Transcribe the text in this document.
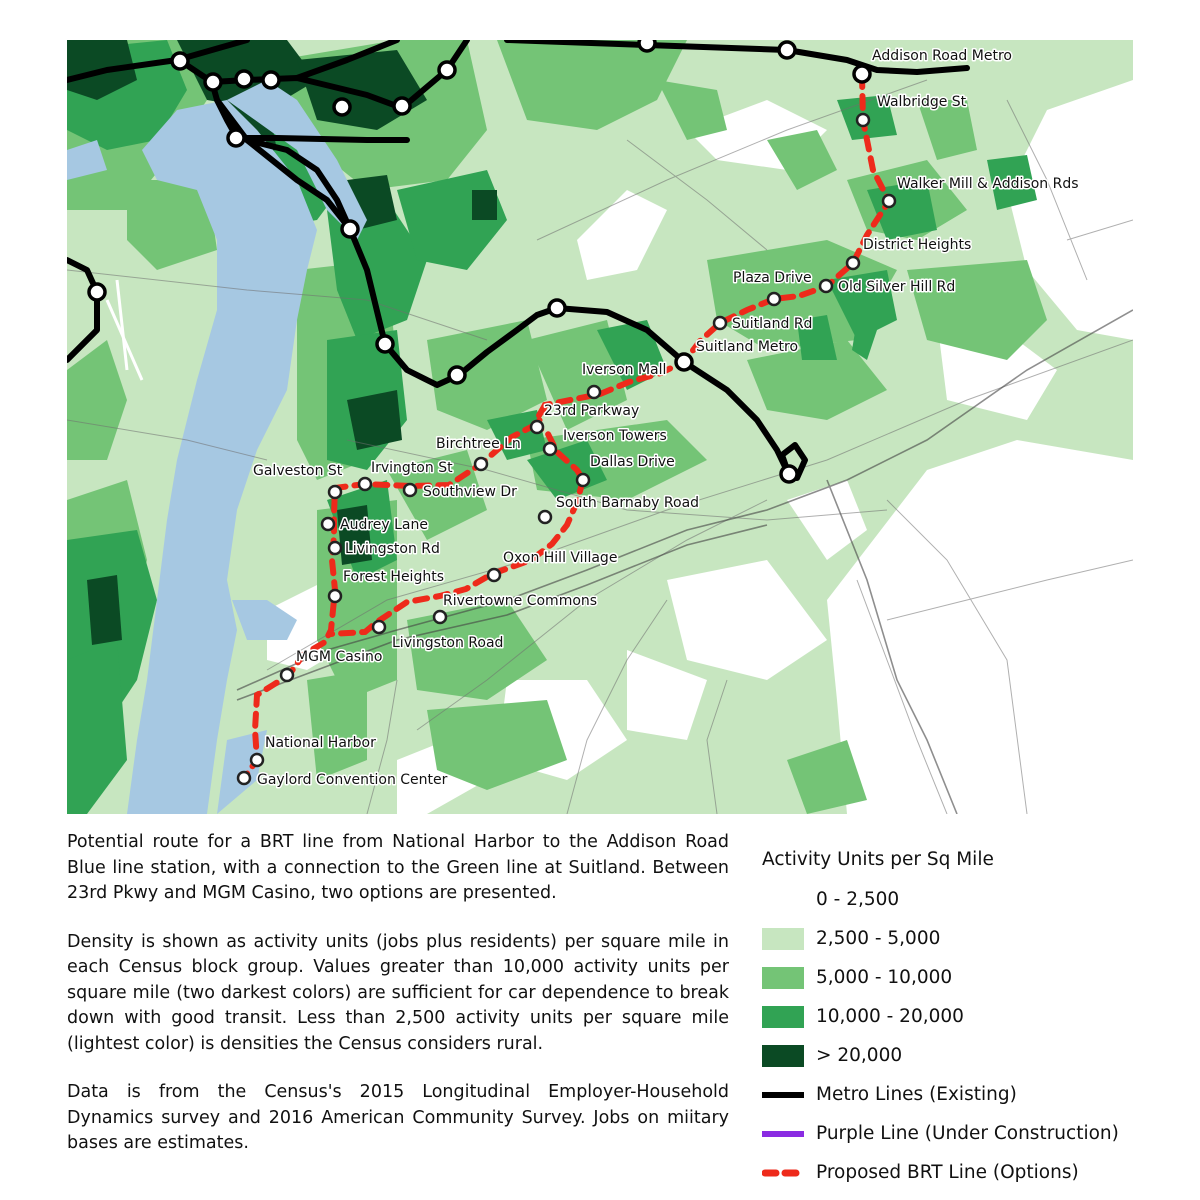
Addison Road Metro
Walbridge St
Walker Mill & Addison Rds
District Heights
Plaza Drive
Old Silver Hill Rd
Suitland Rd
Suitland Metro
Iverson Mall
23rd Parkway
Iverson Towers
Birchtree Ln
Dallas Drive
Irvington St
Galveston St
Southview Dr
South Barnaby Road
Audrey Lane
Livingston Rd
Oxon Hill Village
Forest Heights
Rivertowne Commons
Livingston Road
MGM Casino
National Harbor
Gaylord Convention Center

Potential route for a BRT line from National Harbor to the Addison Road Blue line station, with a connection to the Green line at Suitland. Between 23rd Pkwy and MGM Casino, two options are presented.

Density is shown as activity units (jobs plus residents) per square mile in each Census block group. Values greater than 10,000 activity units per square mile (two darkest colors) are sufficient for car dependence to break down with good transit. Less than 2,500 activity units per square mile (lightest color) is densities the Census considers rural.

Data is from the Census's 2015 Longitudinal Employer-Household Dynamics survey and 2016 American Community Survey. Jobs on miitary bases are estimates.

Activity Units per Sq Mile
0 - 2,500
2,500 - 5,000
5,000 - 10,000
10,000 - 20,000
> 20,000
Metro Lines (Existing)
Purple Line (Under Construction)
Proposed BRT Line (Options)
